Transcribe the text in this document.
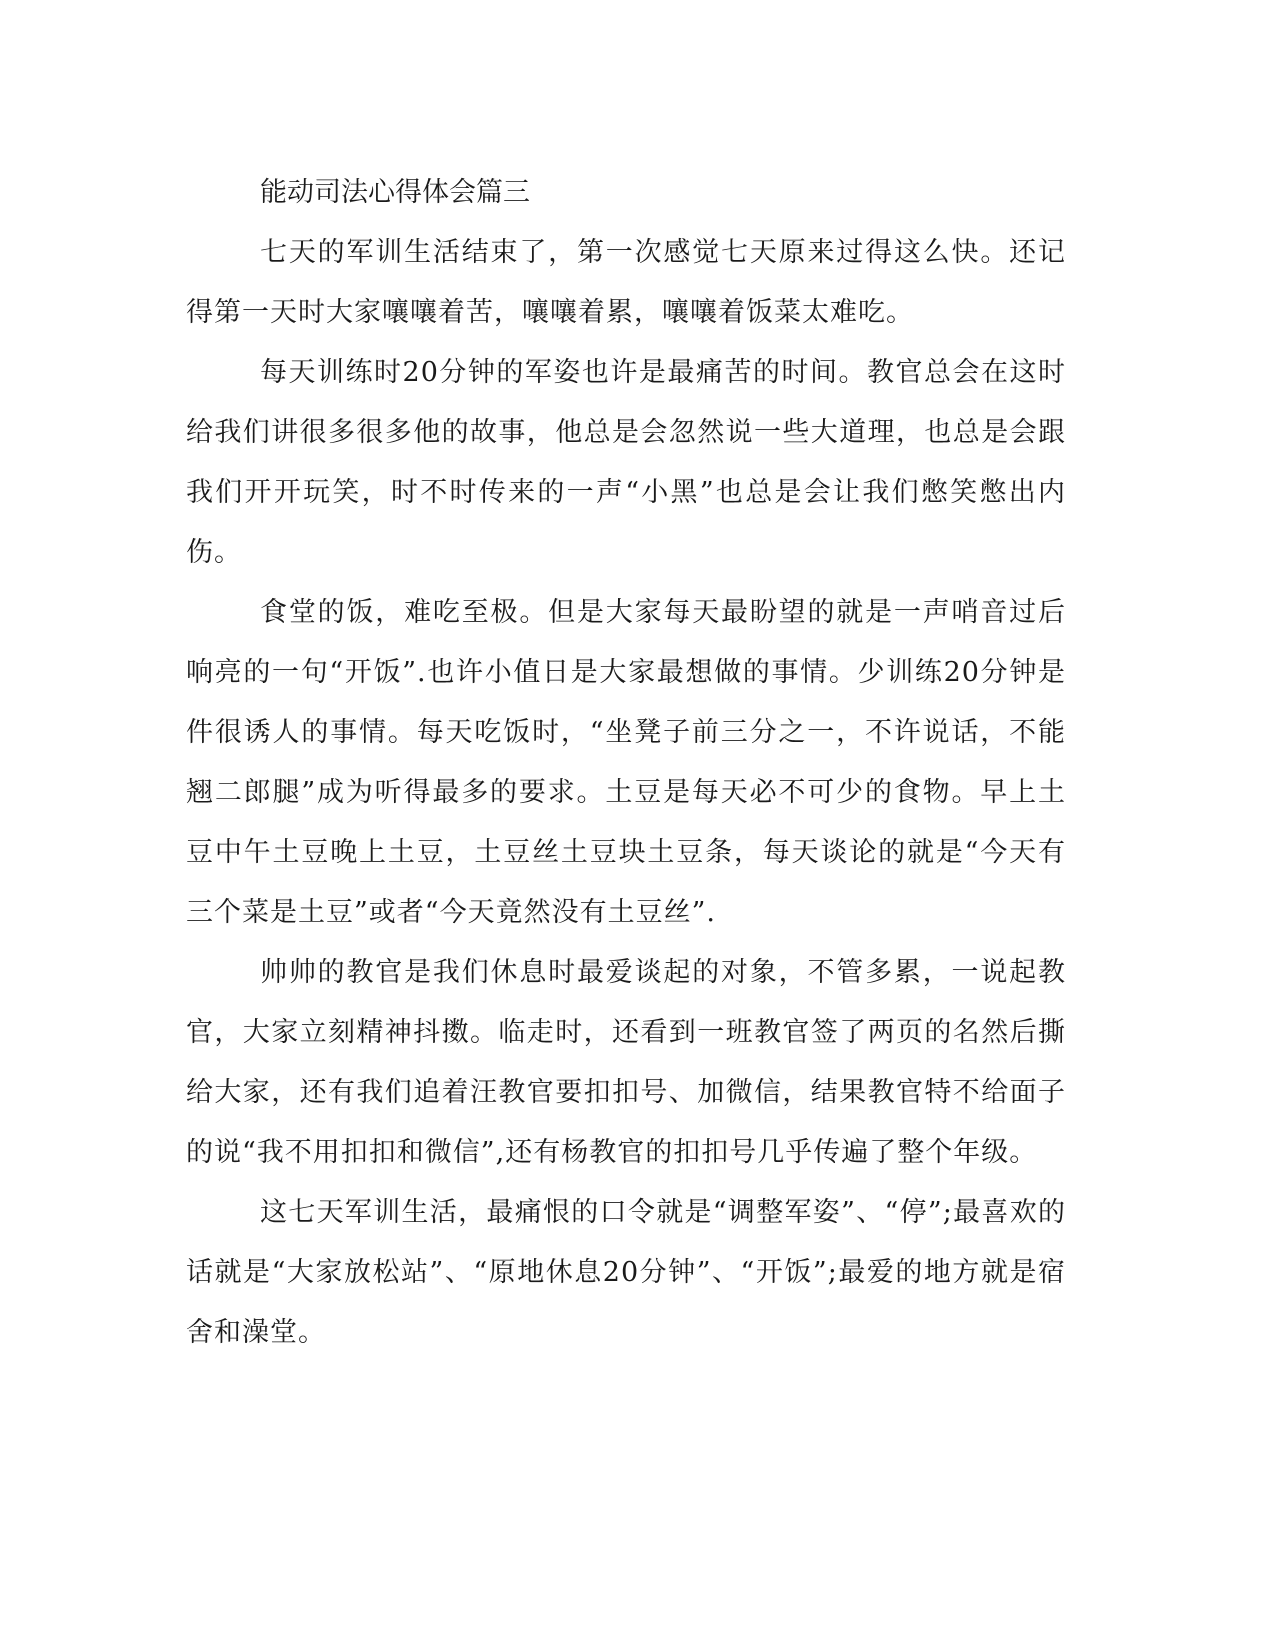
能动司法心得体会篇三

七天的军训生活结束了，第一次感觉七天原来过得这么快。还记得第一天时大家嚷嚷着苦，嚷嚷着累，嚷嚷着饭菜太难吃。

每天训练时20分钟的军姿也许是最痛苦的时间。教官总会在这时给我们讲很多很多他的故事，他总是会忽然说一些大道理，也总是会跟我们开开玩笑，时不时传来的一声“小黑”也总是会让我们憋笑憋出内伤。

食堂的饭，难吃至极。但是大家每天最盼望的就是一声哨音过后响亮的一句“开饭”.也许小值日是大家最想做的事情。少训练20分钟是件很诱人的事情。每天吃饭时，“坐凳子前三分之一，不许说话，不能翘二郎腿”成为听得最多的要求。土豆是每天必不可少的食物。早上土豆中午土豆晚上土豆，土豆丝土豆块土豆条，每天谈论的就是“今天有三个菜是土豆”或者“今天竟然没有土豆丝”.

帅帅的教官是我们休息时最爱谈起的对象，不管多累，一说起教官，大家立刻精神抖擞。临走时，还看到一班教官签了两页的名然后撕给大家，还有我们追着汪教官要扣扣号、加微信，结果教官特不给面子的说“我不用扣扣和微信”,还有杨教官的扣扣号几乎传遍了整个年级。

这七天军训生活，最痛恨的口令就是“调整军姿”、“停”;最喜欢的话就是“大家放松站”、“原地休息20分钟”、“开饭”;最爱的地方就是宿舍和澡堂。
